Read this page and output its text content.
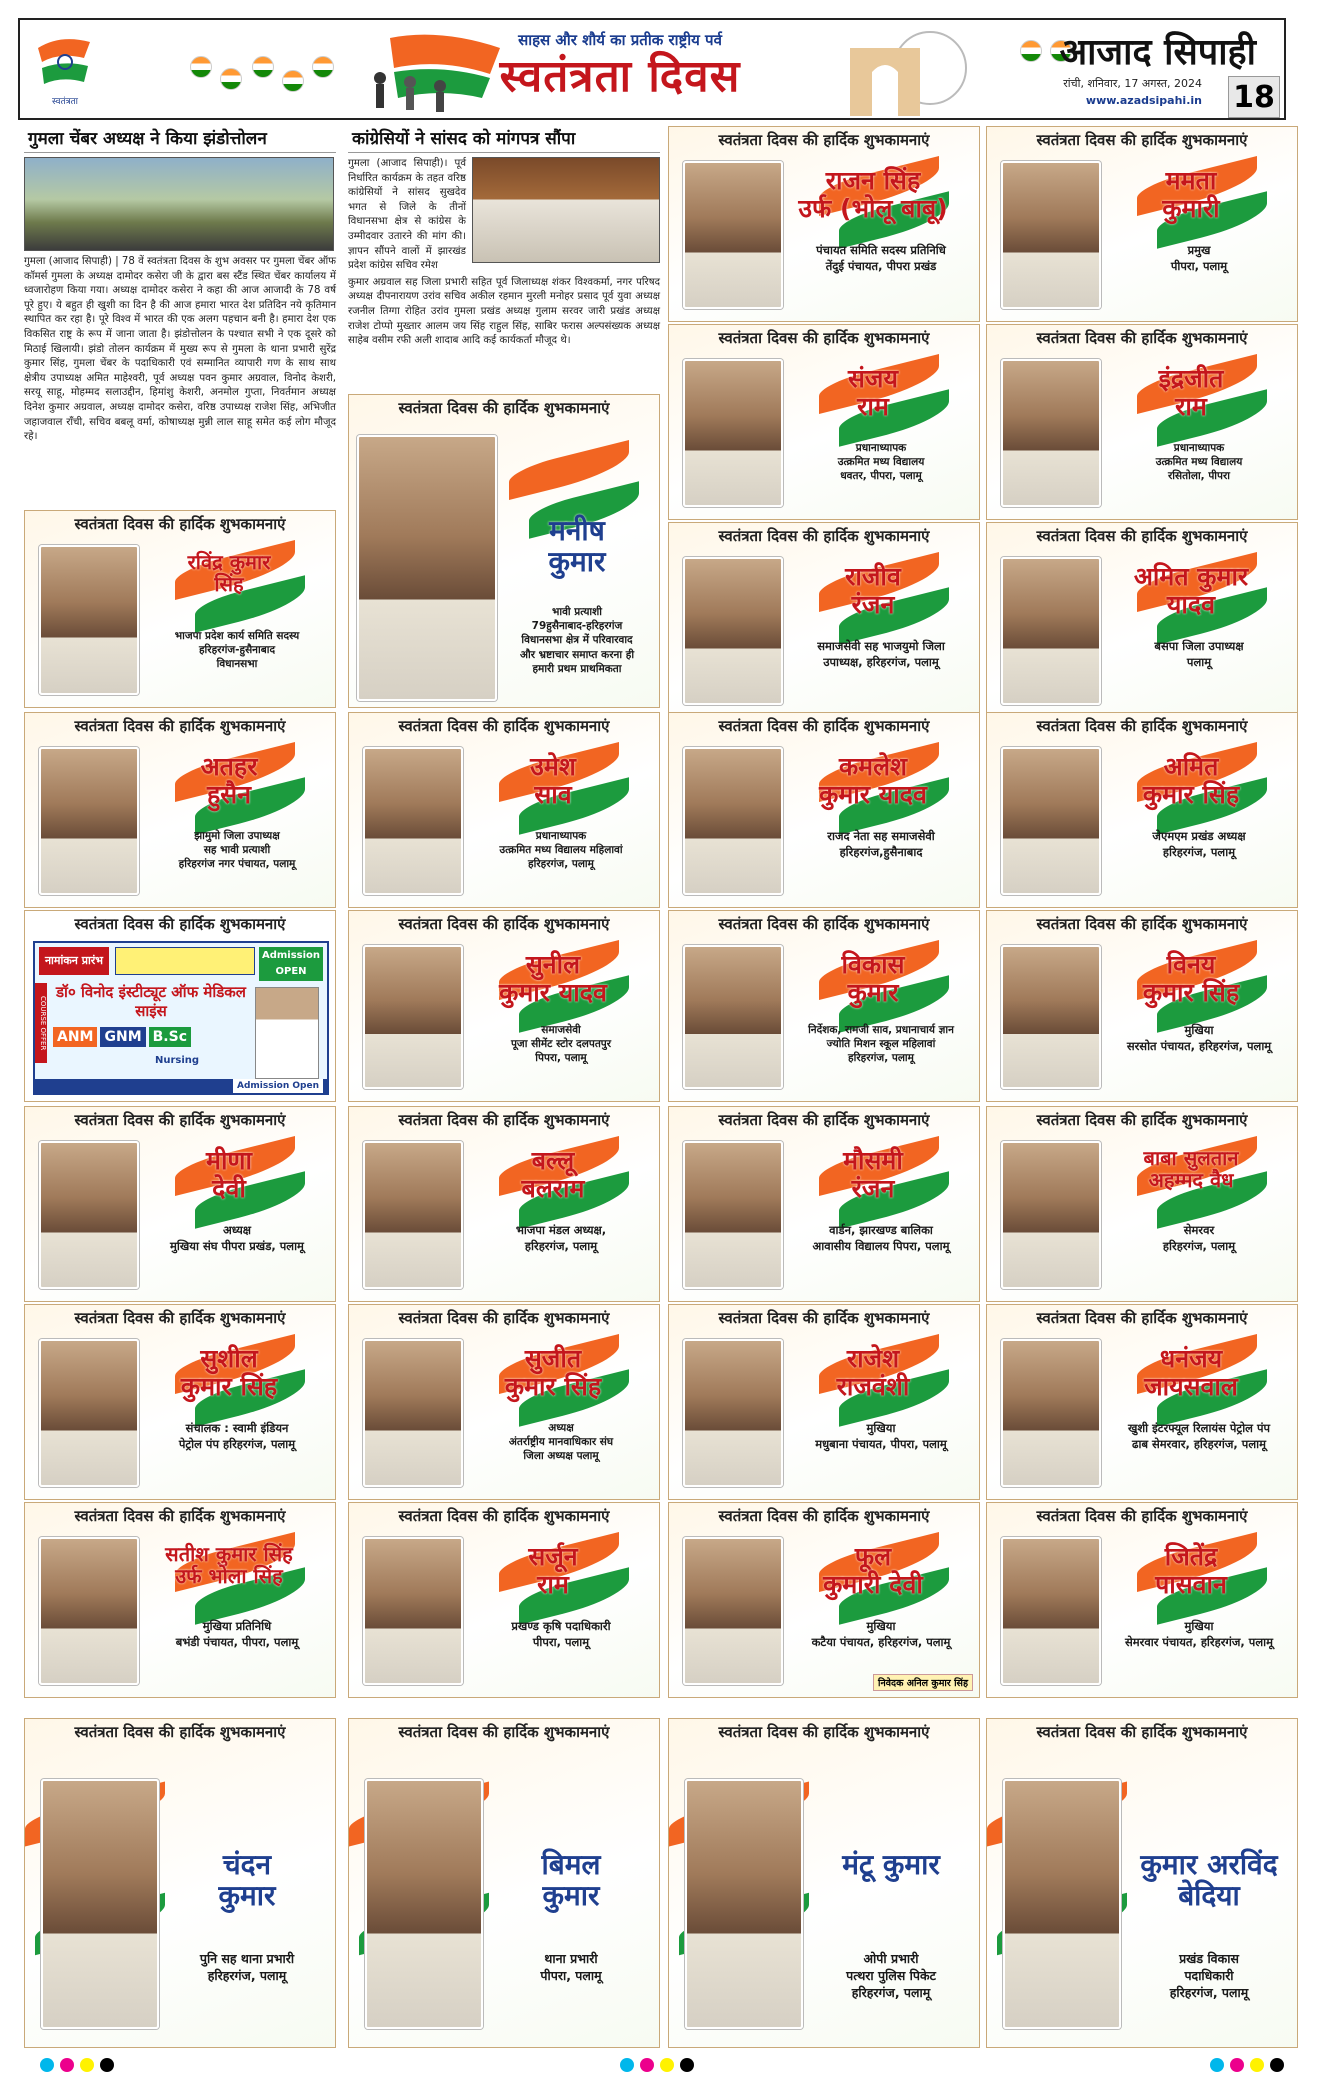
स्वतंत्रता
साहस और शौर्य का प्रतीक राष्ट्रीय पर्व
स्वतंत्रता दिवस	आजाद सिपाही
रांची, शनिवार, 17 अगस्त, 2024
www.azadsipahi.in 18
गुमला चेंबर अध्यक्ष ने किया झंडोत्तोलन
गुमला (आजाद सिपाही) | 78 वें स्वतंत्रता दिवस के शुभ अवसर पर गुमला चेंबर ऑफ कॉमर्स गुमला के अध्यक्ष दामोदर कसेरा जी के द्वारा बस स्टैंड स्थित चेंबर कार्यालय में ध्वजारोहण किया गया। अध्यक्ष दामोदर कसेरा ने कहा की आज आजादी के 78 वर्ष पूरे हुए। ये बहुत ही खुशी का दिन है की आज हमारा भारत देश प्रतिदिन नये कृतिमान स्थापित कर रहा है। पूरे विश्व में भारत की एक अलग पहचान बनी है। हमारा देश एक विकसित राष्ट्र के रूप में जाना जाता है। झंडोत्तोलन के पश्चात सभी ने एक दूसरे को मिठाई खिलायी। झंडो तोलन कार्यक्रम में मुख्य रूप से गुमला के थाना प्रभारी सुरेंद्र कुमार सिंह, गुमला चेंबर के पदाधिकारी एवं सम्मानित व्यापारी गण के साथ साथ क्षेत्रीय उपाध्यक्ष अमित माहेश्वरी, पूर्व अध्यक्ष पवन कुमार अग्रवाल, विनोद केशरी, सरयू साहू, मोहम्मद सलाउद्दीन, हिमांशु केशरी, अनमोल गुप्ता, निवर्तमान अध्यक्ष दिनेश कुमार अग्रवाल, अध्यक्ष दामोदर कसेरा, वरिष्ठ उपाध्यक्ष राजेश सिंह, अभिजीत जहाजवाल राँची, सचिव बबलू वर्मा, कोषाध्यक्ष मुन्नी लाल साहू समेत कई लोग मौजूद रहे।
कांग्रेसियों ने सांसद को मांगपत्र सौंपा
गुमला (आजाद सिपाही)। पूर्व निर्धारित कार्यक्रम के तहत वरिष्ठ कांग्रेसियों ने सांसद सुखदेव भगत से जिले के तीनों विधानसभा क्षेत्र से कांग्रेस के उम्मीदवार उतारने की मांग की। ज्ञापन सौंपने वालों में झारखंड प्रदेश कांग्रेस सचिव रमेश
कुमार अग्रवाल सह जिला प्रभारी सहित पूर्व जिलाध्यक्ष शंकर विश्वकर्मा, नगर परिषद अध्यक्ष दीपनारायण उरांव सचिव अकील रहमान मुरली मनोहर प्रसाद पूर्व युवा अध्यक्ष रजनील तिग्गा रोहित उरांव गुमला प्रखंड अध्यक्ष गुलाम सरवर जारी प्रखंड अध्यक्ष राजेश टोप्पो मुख्तार आलम जय सिंह राहुल सिंह, साबिर फरास अल्पसंख्यक अध्यक्ष साहेब वसीम रफी अली शादाब आदि कई कार्यकर्ता मौजूद थे।
स्वतंत्रता दिवस की हार्दिक शुभकामनाएं
राजन सिंह
उर्फ (भोलू बाबू)
पंचायत समिति सदस्य प्रतिनिधि
तेंदुई पंचायत, पीपरा प्रखंड
स्वतंत्रता दिवस की हार्दिक शुभकामनाएं
ममता
कुमारी
प्रमुख
पीपरा, पलामू
स्वतंत्रता दिवस की हार्दिक शुभकामनाएं
संजय
राम
प्रधानाध्यापक
उत्क्रमित मध्य विद्यालय
धवतर, पीपरा, पलामू
स्वतंत्रता दिवस की हार्दिक शुभकामनाएं
इंद्रजीत
राम
प्रधानाध्यापक
उत्क्रमित मध्य विद्यालय
रसितोला, पीपरा
स्वतंत्रता दिवस की हार्दिक शुभकामनाएं
राजीव
रंजन
समाजसेवी सह भाजयुमो जिला
उपाध्यक्ष, हरिहरगंज, पलामू
स्वतंत्रता दिवस की हार्दिक शुभकामनाएं
अमित कुमार
यादव
बसपा जिला उपाध्यक्ष
पलामू
स्वतंत्रता दिवस की हार्दिक शुभकामनाएं
रविंद्र कुमार
सिंह
भाजपा प्रदेश कार्य समिति सदस्य
हरिहरगंज-हुसैनाबाद
विधानसभा
स्वतंत्रता दिवस की हार्दिक शुभकामनाएं
मनीष
कुमार
भावी प्रत्याशी
79हुसैनाबाद-हरिहरगंज
विधानसभा क्षेत्र में परिवारवाद
और भ्रष्टाचार समाप्त करना ही
हमारी प्रथम प्राथमिकता
स्वतंत्रता दिवस की हार्दिक शुभकामनाएं
अतहर
हुसैन
झामुमो जिला उपाध्यक्ष
सह भावी प्रत्याशी
हरिहरगंज नगर पंचायत, पलामू
स्वतंत्रता दिवस की हार्दिक शुभकामनाएं
उमेश
साव
प्रधानाध्यापक
उत्क्रमित मध्य विद्यालय महिलावां
हरिहरगंज, पलामू
स्वतंत्रता दिवस की हार्दिक शुभकामनाएं
कमलेश
कुमार यादव
राजद नेता सह समाजसेवी
हरिहरगंज,हुसैनाबाद
स्वतंत्रता दिवस की हार्दिक शुभकामनाएं
अमित
कुमार सिंह
जेएमएम प्रखंड अध्यक्ष
हरिहरगंज, पलामू
स्वतंत्रता दिवस की हार्दिक शुभकामनाएं
सुनील
कुमार यादव
समाजसेवी
पूजा सीमेंट स्टोर दलपतपुर
पिपरा, पलामू
स्वतंत्रता दिवस की हार्दिक शुभकामनाएं
विकास
कुमार
निर्देशक, रामजी साव, प्रधानाचार्य ज्ञान
ज्योति मिशन स्कूल महिलावां
हरिहरगंज, पलामू
स्वतंत्रता दिवस की हार्दिक शुभकामनाएं
विनय
कुमार सिंह
मुखिया
सरसोत पंचायत, हरिहरगंज, पलामू
स्वतंत्रता दिवस की हार्दिक शुभकामनाएं
मीणा
देवी
अध्यक्ष
मुखिया संघ पीपरा प्रखंड, पलामू
स्वतंत्रता दिवस की हार्दिक शुभकामनाएं
बल्लू
बलराम
भाजपा मंडल अध्यक्ष,
हरिहरगंज, पलामू
स्वतंत्रता दिवस की हार्दिक शुभकामनाएं
मौसमी
रंजन
वार्डन, झारखण्ड बालिका
आवासीय विद्यालय पिपरा, पलामू
स्वतंत्रता दिवस की हार्दिक शुभकामनाएं
बाबा सुलतान
अहम्मद वैध
सेमरवर
हरिहरगंज, पलामू
स्वतंत्रता दिवस की हार्दिक शुभकामनाएं
सुशील
कुमार सिंह
संचालक : स्वामी इंडियन
पेट्रोल पंप हरिहरगंज, पलामू
स्वतंत्रता दिवस की हार्दिक शुभकामनाएं
सुजीत
कुमार सिंह
अध्यक्ष
अंतर्राष्ट्रीय मानवाधिकार संघ
जिला अध्यक्ष पलामू
स्वतंत्रता दिवस की हार्दिक शुभकामनाएं
राजेश
राजवंशी
मुखिया
मधुबाना पंचायत, पीपरा, पलामू
स्वतंत्रता दिवस की हार्दिक शुभकामनाएं
धनंजय
जायसवाल
खुशी इंटरफ्यूल रिलायंस पेट्रोल पंप
ढाब सेमरवार, हरिहरगंज, पलामू
स्वतंत्रता दिवस की हार्दिक शुभकामनाएं
सतीश कुमार सिंह
उर्फ भोला सिंह
मुखिया प्रतिनिधि
बभंडी पंचायत, पीपरा, पलामू
स्वतंत्रता दिवस की हार्दिक शुभकामनाएं
सर्जून
राम
प्रखण्ड कृषि पदाधिकारी
पीपरा, पलामू
स्वतंत्रता दिवस की हार्दिक शुभकामनाएं
फूल
कुमारी देवी
मुखिया
कटैया पंचायत, हरिहरगंज, पलामू
निवेदक अनिल कुमार सिंह
स्वतंत्रता दिवस की हार्दिक शुभकामनाएं
जितेंद्र
पासवान
मुखिया
सेमरवार पंचायत, हरिहरगंज, पलामू
स्वतंत्रता दिवस की हार्दिक शुभकामनाएं
चंदन
कुमार
पुनि सह थाना प्रभारी
हरिहरगंज, पलामू
स्वतंत्रता दिवस की हार्दिक शुभकामनाएं
बिमल
कुमार
थाना प्रभारी
पीपरा, पलामू
स्वतंत्रता दिवस की हार्दिक शुभकामनाएं
मंटू कुमार
ओपी प्रभारी
पत्थरा पुलिस पिकेट
हरिहरगंज, पलामू
स्वतंत्रता दिवस की हार्दिक शुभकामनाएं
कुमार अरविंद
बेदिया
प्रखंड विकास
पदाधिकारी
हरिहरगंज, पलामू
स्वतंत्रता दिवस की हार्दिक शुभकामनाएं
नामांकन प्रारंभ	Admission OPEN
डॉ० विनोद इंस्टीट्यूट ऑफ मेडिकल साइंस
COURSE OFFER ANM GNM B.Sc
Nursing
Admission Open
